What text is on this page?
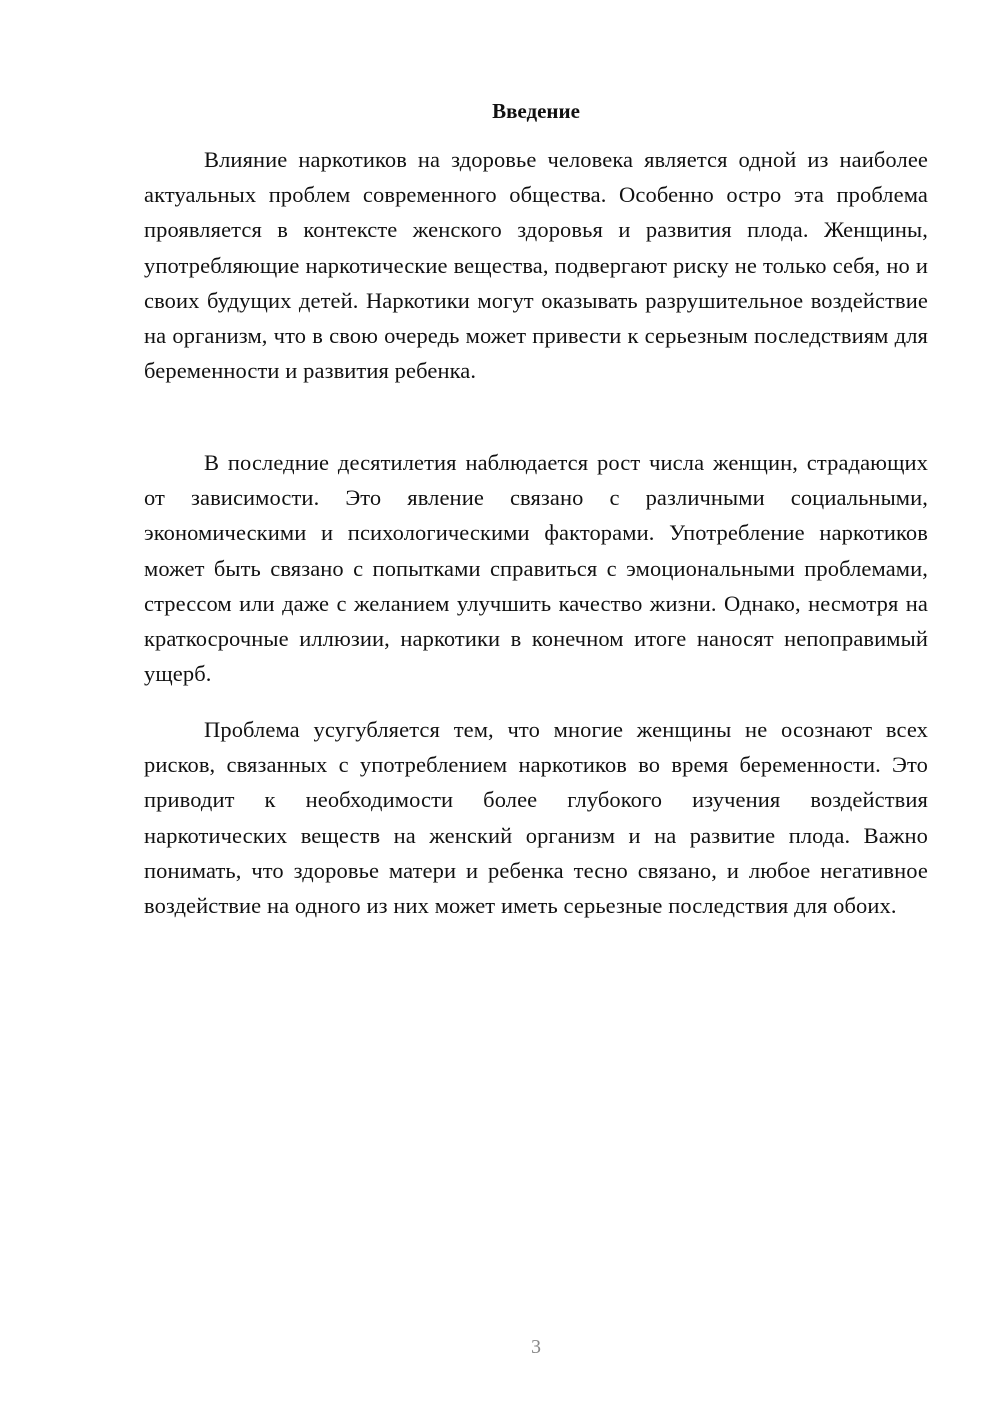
Введение

Влияние наркотиков на здоровье человека является одной из наиболее актуальных проблем современного общества. Особенно остро эта проблема проявляется в контексте женского здоровья и развития плода. Женщины, употребляющие наркотические вещества, подвергают риску не только себя, но и своих будущих детей. Наркотики могут оказывать разрушительное воздействие на организм, что в свою очередь может привести к серьезным последствиям для беременности и развития ребенка.

В последние десятилетия наблюдается рост числа женщин, страдающих от зависимости. Это явление связано с различными социальными, экономическими и психологическими факторами. Употребление наркотиков может быть связано с попытками справиться с эмоциональными проблемами, стрессом или даже с желанием улучшить качество жизни. Однако, несмотря на краткосрочные иллюзии, наркотики в конечном итоге наносят непоправимый ущерб.

Проблема усугубляется тем, что многие женщины не осознают всех рисков, связанных с употреблением наркотиков во время беременности. Это приводит к необходимости более глубокого изучения воздействия наркотических веществ на женский организм и на развитие плода. Важно понимать, что здоровье матери и ребенка тесно связано, и любое негативное воздействие на одного из них может иметь серьезные последствия для обоих.

3
